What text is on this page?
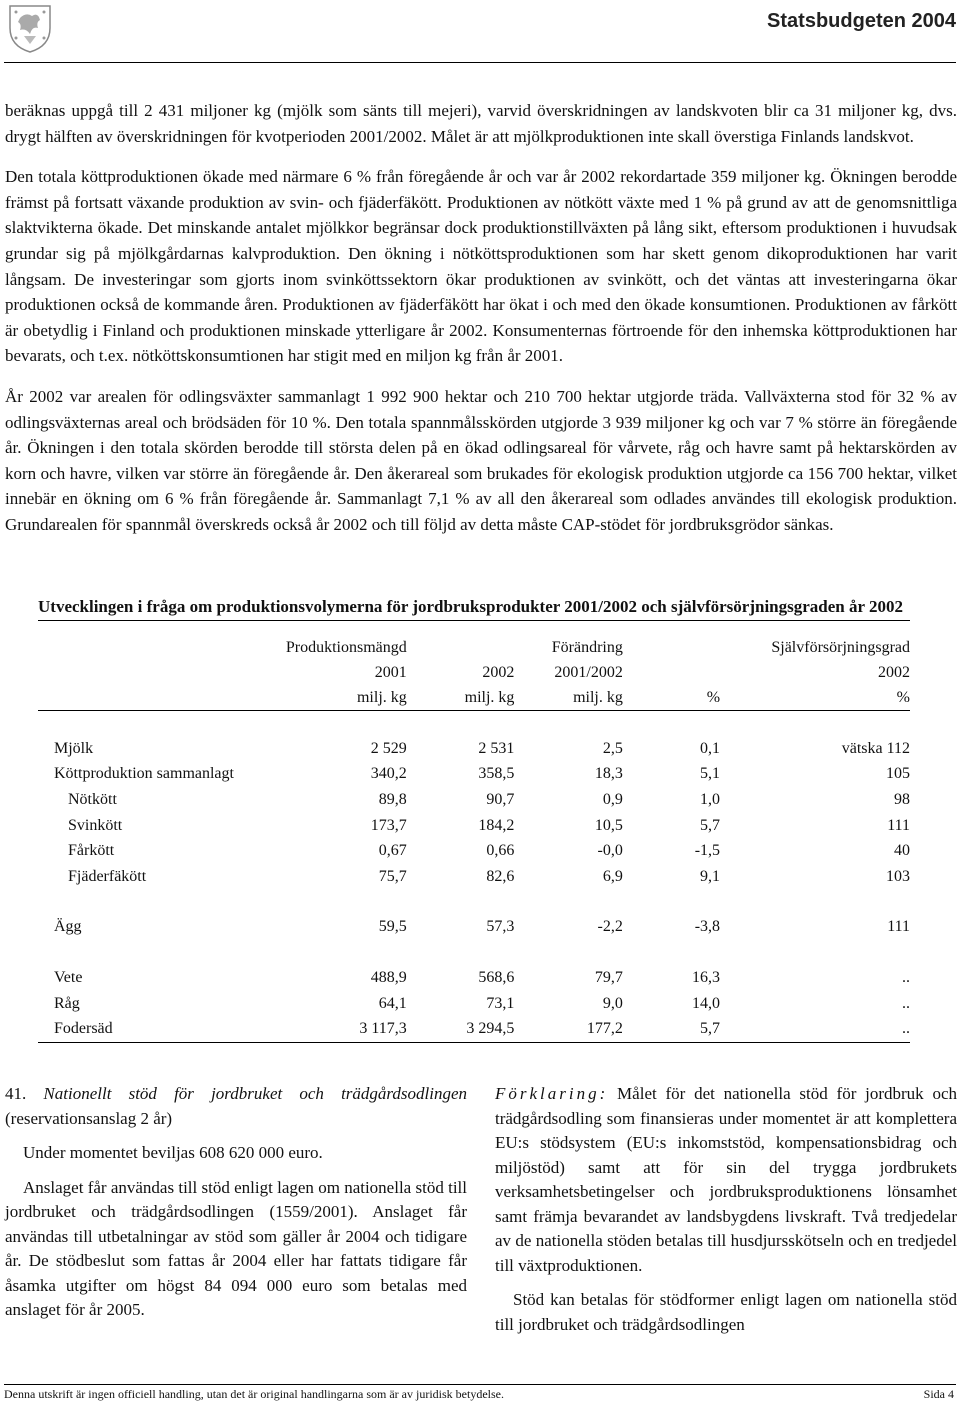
Statsbudgeten 2004

beräknas uppgå till 2 431 miljoner kg (mjölk som sänts till mejeri), varvid överskridningen av landskvoten blir ca 31 miljoner kg, dvs. drygt hälften av överskridningen för kvotperioden 2001/2002. Målet är att mjölkproduktionen inte skall överstiga Finlands landskvot.

Den totala köttproduktionen ökade med närmare 6 % från föregående år och var år 2002 rekordartade 359 miljoner kg. Ökningen berodde främst på fortsatt växande produktion av svin- och fjäderfäkött. Produktionen av nötkött växte med 1 % på grund av att de genomsnittliga slaktvikterna ökade. Det minskande antalet mjölkkor begränsar dock produktionstillväxten på lång sikt, eftersom produktionen i huvudsak grundar sig på mjölkgårdarnas kalvproduktion. Den ökning i nötköttsproduktionen som har skett genom dikoproduktionen har varit långsam. De investeringar som gjorts inom svinköttssektorn ökar produktionen av svinkött, och det väntas att investeringarna ökar produktionen också de kommande åren. Produktionen av fjäderfäkött har ökat i och med den ökade konsumtionen. Produktionen av fårkött är obetydlig i Finland och produktionen minskade ytterligare år 2002. Konsumenternas förtroende för den inhemska köttproduktionen har bevarats, och t.ex. nötköttskonsumtionen har stigit med en miljon kg från år 2001.

År 2002 var arealen för odlingsväxter sammanlagt 1 992 900 hektar och 210 700 hektar utgjorde träda. Vallväxterna stod för 32 % av odlingsväxternas areal och brödsäden för 10 %. Den totala spannmålsskörden utgjorde 3 939 miljoner kg och var 7 % större än föregående år. Ökningen i den totala skörden berodde till största delen på en ökad odlingsareal för vårvete, råg och havre samt på hektarskörden av korn och havre, vilken var större än föregående år. Den åkerareal som brukades för ekologisk produktion utgjorde ca 156 700 hektar, vilket innebär en ökning om 6 % från föregående år. Sammanlagt 7,1 % av all den åkerareal som odlades användes till ekologisk produktion. Grundarealen för spannmål överskreds också år 2002 och till följd av detta måste CAP-stödet för jordbruksgrödor sänkas.

Utvecklingen i fråga om produktionsvolymerna för jordbruksprodukter 2001/2002 och självförsörjningsgraden år 2002
	Produktionsmängd		Förändring		Självförsörjningsgrad
	2001	2002	2001/2002		2002
	milj. kg	milj. kg	milj. kg	%	%

Mjölk	2 529	2 531	2,5	0,1	vätska 112
Köttproduktion sammanlagt	340,2	358,5	18,3	5,1	105
Nötkött	89,8	90,7	0,9	1,0	98
Svinkött	173,7	184,2	10,5	5,7	111
Fårkött	0,67	0,66	-0,0	-1,5	40
Fjäderfäkött	75,7	82,6	6,9	9,1	103

Ägg	59,5	57,3	-2,2	-3,8	111

Vete	488,9	568,6	79,7	16,3	..
Råg	64,1	73,1	9,0	14,0	..
Fodersäd	3 117,3	3 294,5	177,2	5,7	..

41. Nationellt stöd för jordbruket och trädgårdsodlingen (reservationsanslag 2 år)

Under momentet beviljas 608 620 000 euro.

Anslaget får användas till stöd enligt lagen om nationella stöd till jordbruket och trädgårdsodlingen (1559/2001). Anslaget får användas till utbetalningar av stöd som gäller år 2004 och tidigare år. De stödbeslut som fattas år 2004 eller har fattats tidigare får åsamka utgifter om högst 84 094 000 euro som betalas med anslaget för år 2005.

Förklaring: Målet för det nationella stöd för jordbruk och trädgårdsodling som finansieras under momentet är att komplettera EU:s stödsystem (EU:s inkomststöd, kompensationsbidrag och miljöstöd) samt att för sin del trygga jordbrukets verksamhetsbetingelser och jordbruksproduktionens lönsamhet samt främja bevarandet av landsbygdens livskraft. Två tredjedelar av de nationella stöden betalas till husdjursskötseln och en tredjedel till växtproduktionen.

Stöd kan betalas för stödformer enligt lagen om nationella stöd till jordbruket och trädgårdsodlingen

Denna utskrift är ingen officiell handling, utan det är original handlingarna som är av juridisk betydelse.	Sida 4
